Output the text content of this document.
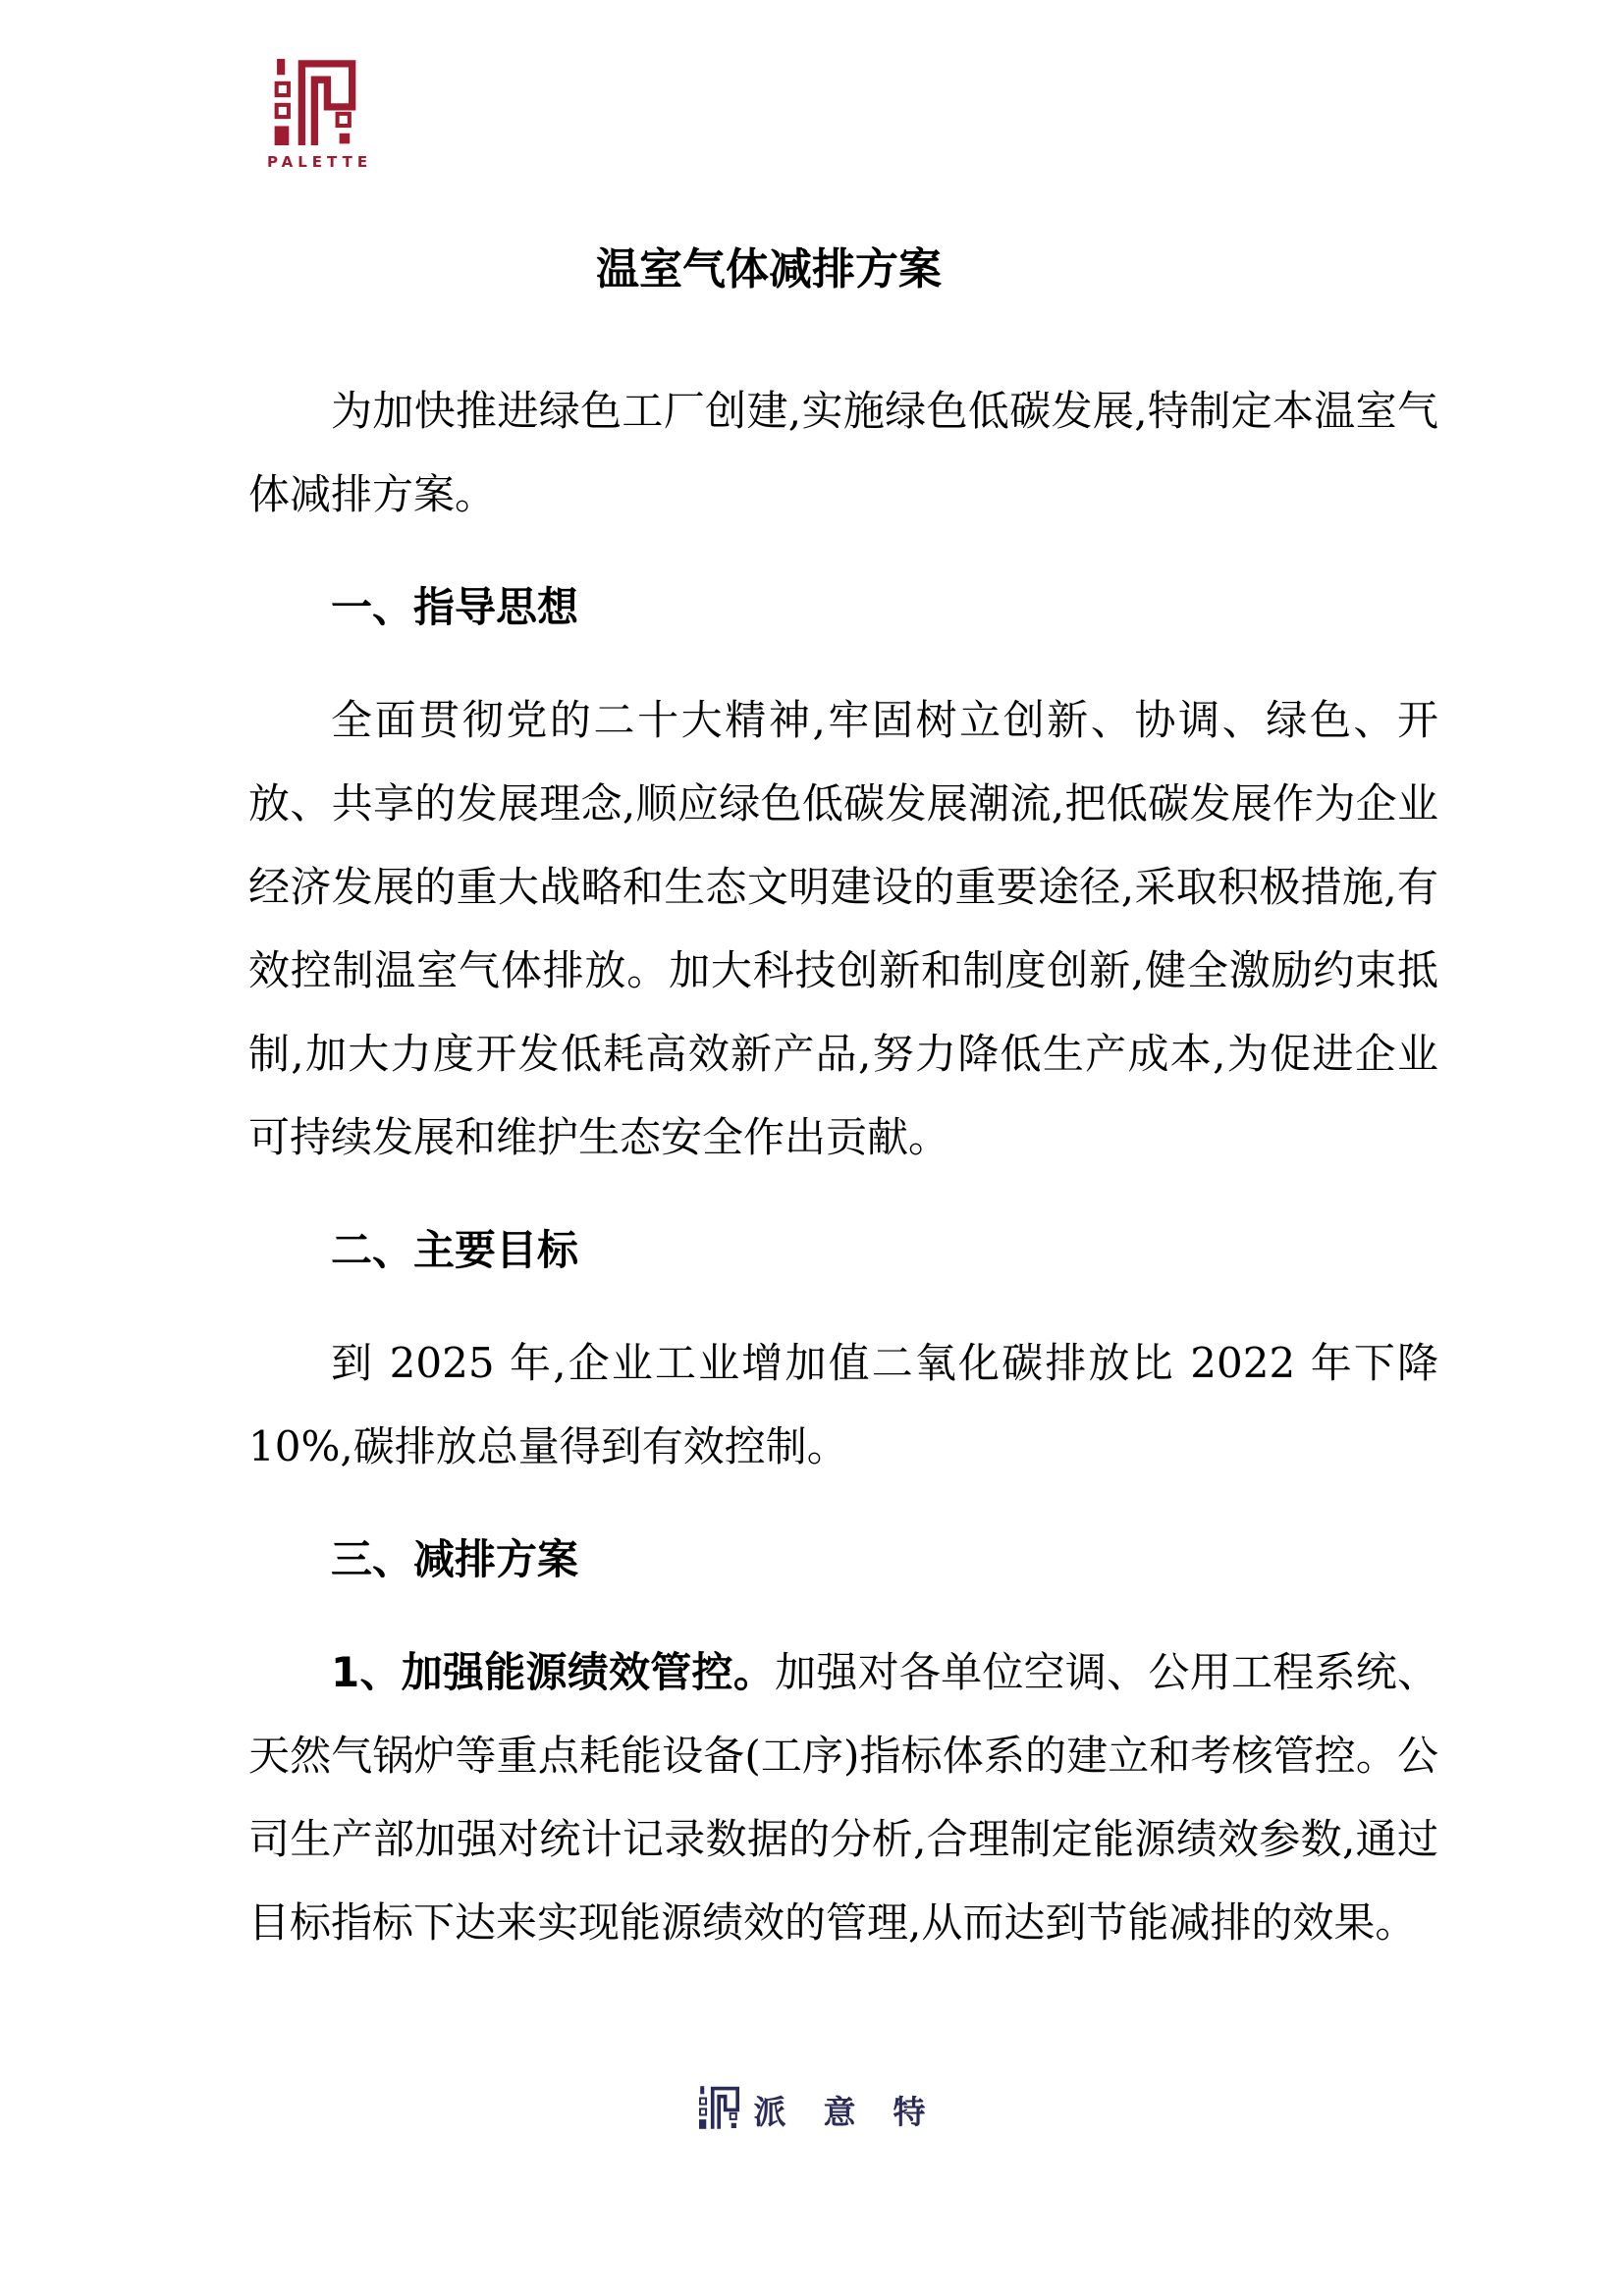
PALETTE
温室气体减排方案

为加快推进绿色工厂创建,实施绿色低碳发展,特制定本温室气体减排方案。

一、指导思想

全面贯彻党的二十大精神,牢固树立创新、协调、绿色、开放、共享的发展理念,顺应绿色低碳发展潮流,把低碳发展作为企业经济发展的重大战略和生态文明建设的重要途径,采取积极措施,有效控制温室气体排放。加大科技创新和制度创新,健全激励约束抵制,加大力度开发低耗高效新产品,努力降低生产成本,为促进企业可持续发展和维护生态安全作出贡献。

二、主要目标

到 2025 年,企业工业增加值二氧化碳排放比 2022 年下降 10%,碳排放总量得到有效控制。

三、减排方案

1、加强能源绩效管控。加强对各单位空调、公用工程系统、天然气锅炉等重点耗能设备(工序)指标体系的建立和考核管控。公司生产部加强对统计记录数据的分析,合理制定能源绩效参数,通过目标指标下达来实现能源绩效的管理,从而达到节能减排的效果。

派意特
